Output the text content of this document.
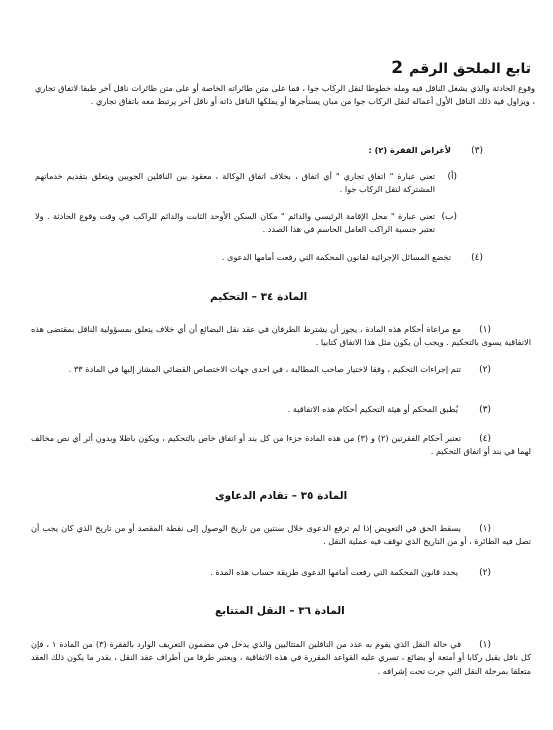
تابع الملحق الرقم2
وقوع الحادثة والذي يشغل الناقل فيه ومله خطوطا لنقل الركاب جوا ، فما على متن طائراته الخاصة أو على متن طائرات ناقل آخر طبقا لاتفاق تجاري ، ويزاول فيه ذلك الناقل الأول أعماله لنقل الركاب جوا من مبان يستأجرها أو يملكها الناقل ذاته أو ناقل آخر يرتبط معه باتفاق تجاري .
(٣)
لأغراض الفقرة (٢) :
(أ)
تعني عبارة " اتفاق تجاري " أي اتفاق ، بخلاف اتفاق الوكالة ، معقود بين الناقلين الجويين ويتعلق بتقديم خدماتهم المشتركة لنقل الركاب جوا .
(ب)
تعني عبارة " محل الإقامة الرئيسي والدائم " مكان السكن الأوحد الثابت والدائم للراكب في وقت وقوع الحادثة . ولا تعتبر جنسية الراكب العامل الحاسم في هذا الصدد .
(٤)
تخضع المسائل الإجرائية لقانون المحكمة التي رفعت أمامها الدعوى .
المادة ٣٤ – التحكيم
(١)
مع مراعاة أحكام هذه المادة ، يجوز أن يشترط الطرفان في عقد نقل البضائع أن أي خلاف يتعلق بمسؤولية الناقل بمقتضى هذه الاتفاقية يسوى بالتحكيم . ويجب أن يكون مثل هذا الاتفاق كتابيا .
(٢)
تتم إجراءات التحكيم ، وفقا لاختيار صاحب المطالبة ، في احدى جهات الاختصاص القضائي المشار إليها في المادة ٣٣ .
(٣)
يُطبق المحكم أو هيئة التحكيم أحكام هذه الاتفاقية .
(٤)
تعتبر أحكام الفقرتين (٢) و (٣) من هذه المادة جزءا من كل بند أو اتفاق خاص بالتحكيم ، ويكون باطلا وبدون أثر أي نص مخالف لهما في بند أو اتفاق التحكيم .
المادة ٣٥ – تقادم الدعاوى
(١)
يسقط الحق في التعويض إذا لم ترفع الدعوى خلال سنتين من تاريخ الوصول إلى نقطة المقصد أو من تاريخ الذي كان يجب أن تصل فيه الطائرة ، أو من التاريخ الذي توقف فيه عملية النقل .
(٢)
يحدد قانون المحكمة التي رفعت أمامها الدعوى طريقة حساب هذه المدة .
المادة ٣٦ – النقل المتتابع
(١)
في حالة النقل الذي يقوم به عدد من الناقلين المتتاليين والذي يدخل في مضمون التعريف الوارد بالفقرة (٣) من المادة ١ ، فإن كل ناقل يقبل ركابا أو أمتعة أو بضائع ، تسري عليه القواعد المقررة في هذه الاتفاقية ، ويعتبر طرفا من أطراف عقد النقل ، بقدر ما يكون ذلك العقد متعلقا بمرحلة النقل التي جرت تحت إشرافه .
